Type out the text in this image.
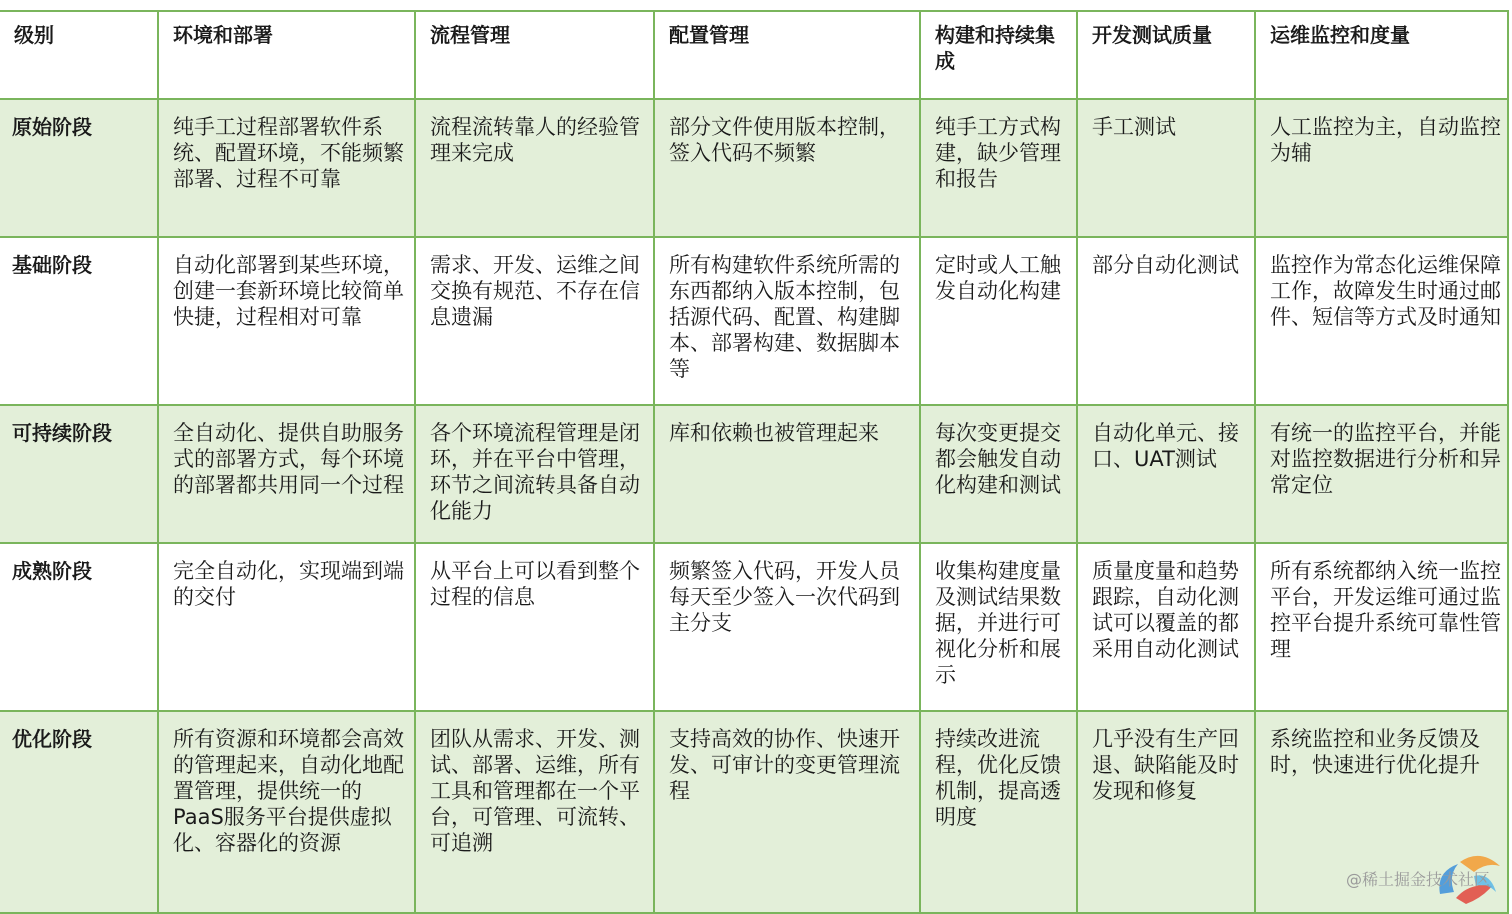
级别	环境和部署	流程管理	配置管理	构建和持续集成	开发测试质量	运维监控和度量
原始阶段	纯手工过程部署软件系统、配置环境，不能频繁部署、过程不可靠	流程流转靠人的经验管理来完成	部分文件使用版本控制，签入代码不频繁	纯手工方式构建，缺少管理和报告	手工测试	人工监控为主，自动监控为辅
基础阶段	自动化部署到某些环境，创建一套新环境比较简单快捷，过程相对可靠	需求、开发、运维之间交换有规范、不存在信息遗漏	所有构建软件系统所需的东西都纳入版本控制，包括源代码、配置、构建脚本、部署构建、数据脚本等	定时或人工触发自动化构建	部分自动化测试	监控作为常态化运维保障工作，故障发生时通过邮件、短信等方式及时通知
可持续阶段	全自动化、提供自助服务式的部署方式，每个环境的部署都共用同一个过程	各个环境流程管理是闭环，并在平台中管理，环节之间流转具备自动化能力	库和依赖也被管理起来	每次变更提交都会触发自动化构建和测试	自动化单元、接口、UAT测试	有统一的监控平台，并能对监控数据进行分析和异常定位
成熟阶段	完全自动化，实现端到端的交付	从平台上可以看到整个过程的信息	频繁签入代码，开发人员每天至少签入一次代码到主分支	收集构建度量及测试结果数据，并进行可视化分析和展示	质量度量和趋势跟踪，自动化测试可以覆盖的都采用自动化测试	所有系统都纳入统一监控平台，开发运维可通过监控平台提升系统可靠性管理
优化阶段	所有资源和环境都会高效的管理起来，自动化地配置管理，提供统一的PaaS服务平台提供虚拟化、容器化的资源	团队从需求、开发、测试、部署、运维，所有工具和管理都在一个平台，可管理、可流转、可追溯	支持高效的协作、快速开发、可审计的变更管理流程	持续改进流程，优化反馈机制，提高透明度	几乎没有生产回退、缺陷能及时发现和修复	系统监控和业务反馈及时，快速进行优化提升
@稀土掘金技术社区
